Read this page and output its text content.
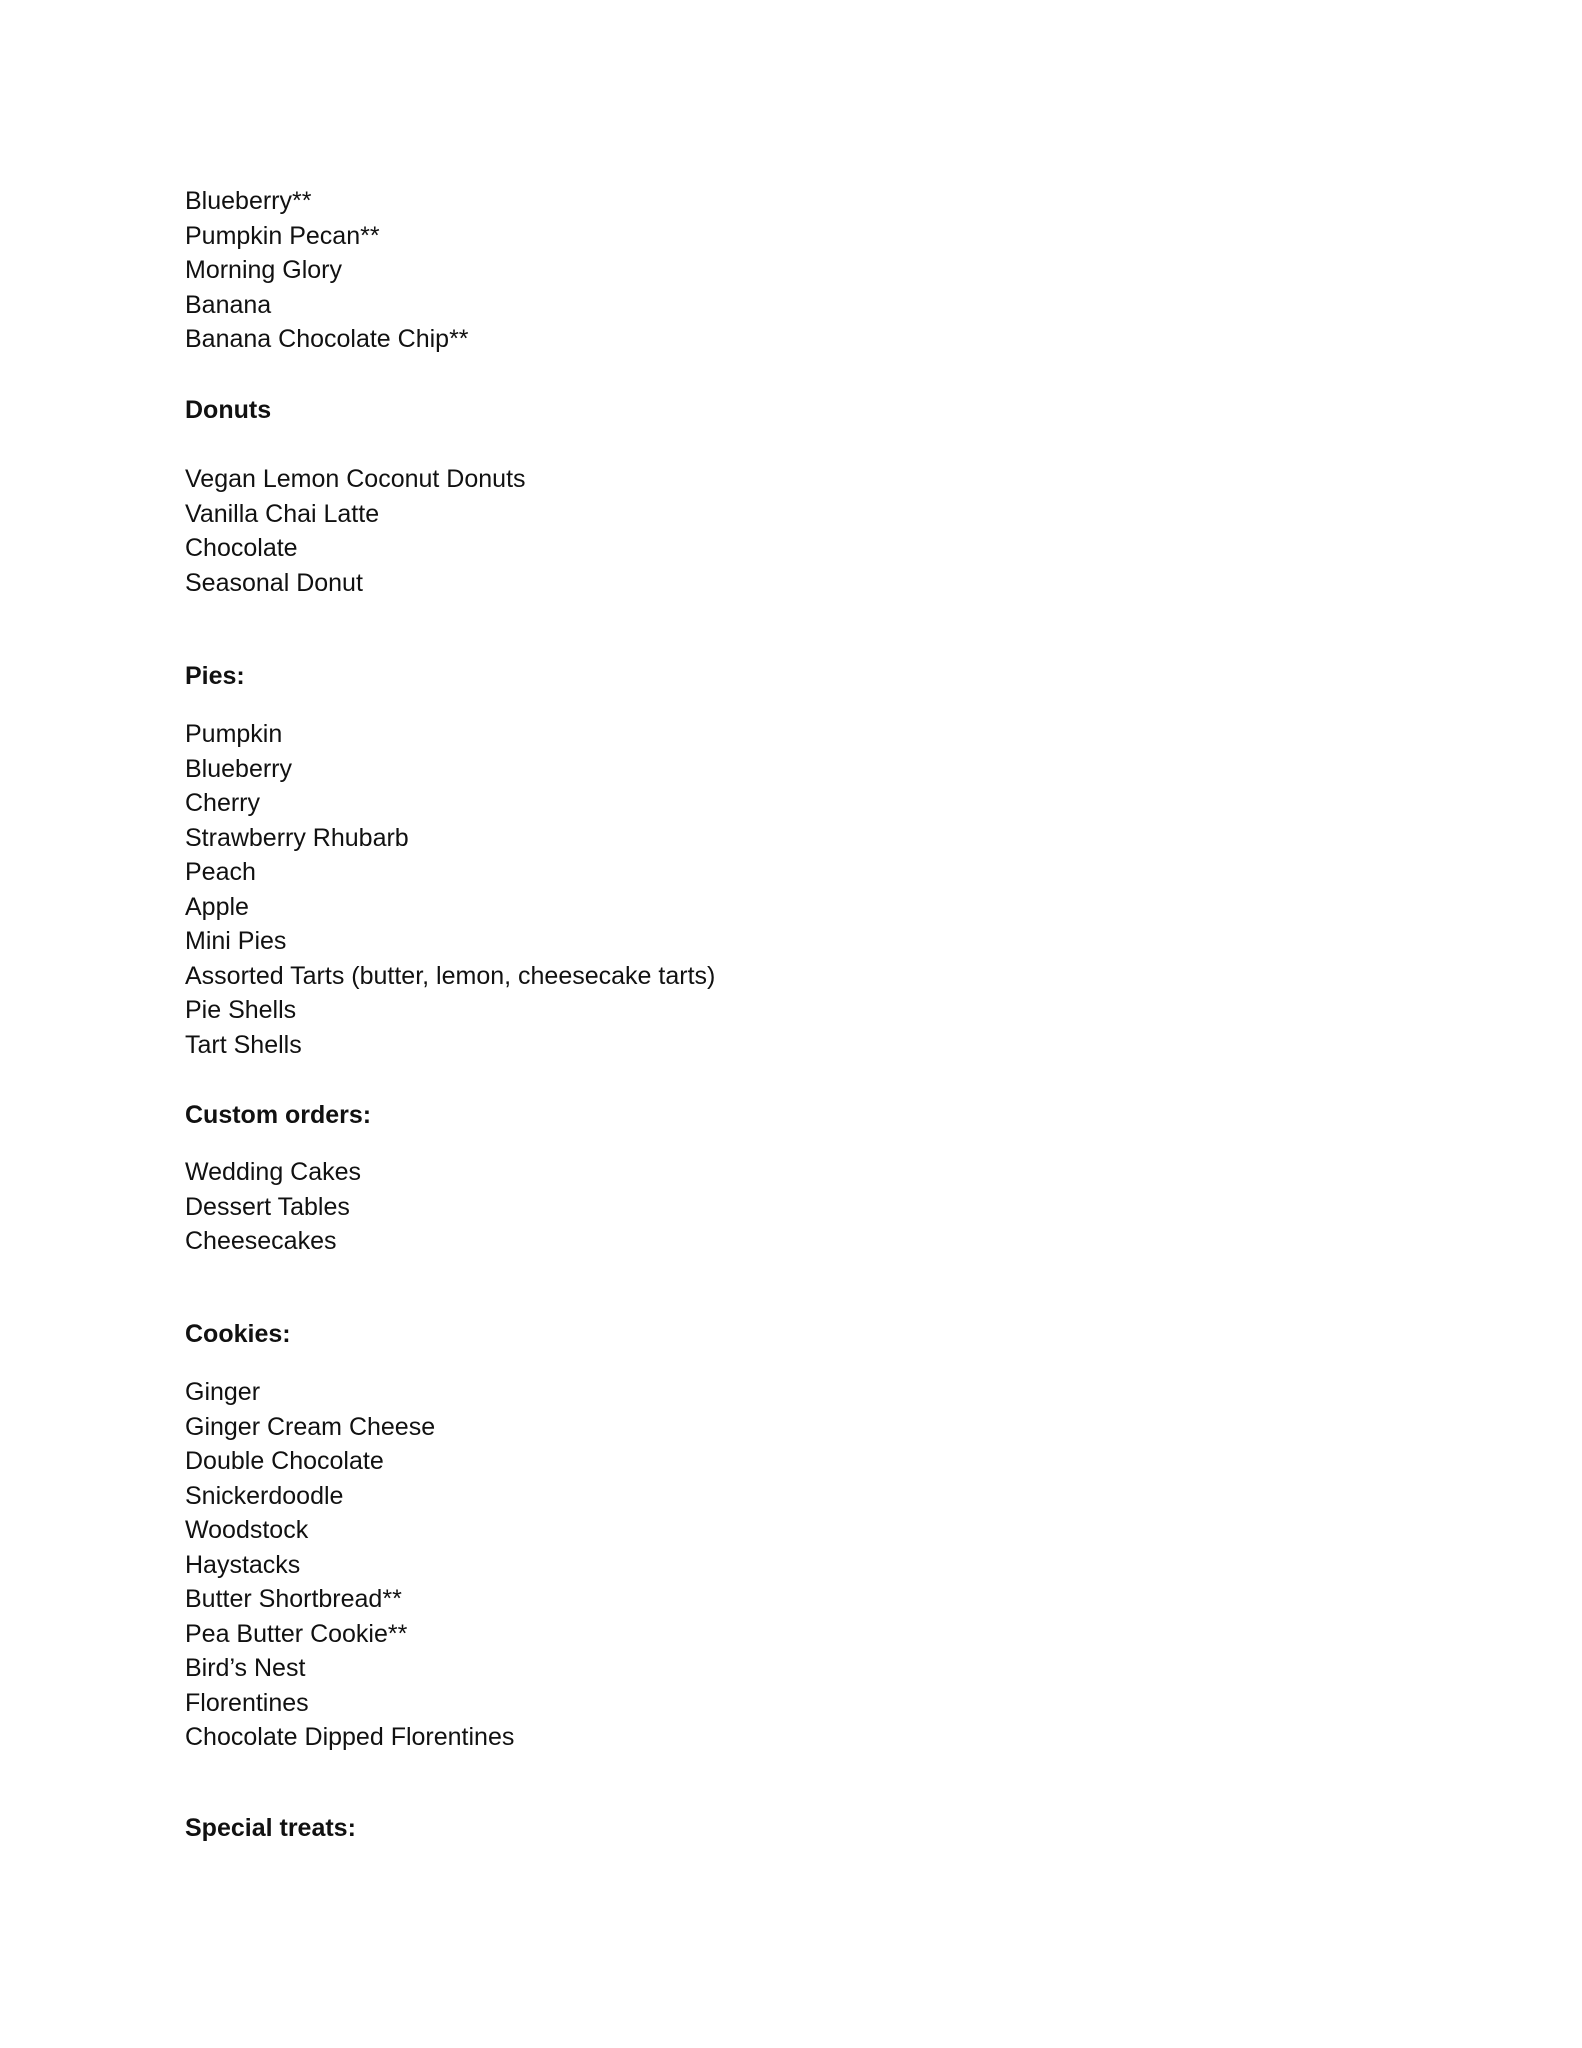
Blueberry**
Pumpkin Pecan**
Morning Glory
Banana
Banana Chocolate Chip**
Donuts
Vegan Lemon Coconut Donuts
Vanilla Chai Latte
Chocolate
Seasonal Donut
Pies:
Pumpkin
Blueberry
Cherry
Strawberry Rhubarb
Peach
Apple
Mini Pies
Assorted Tarts (butter, lemon, cheesecake tarts)
Pie Shells
Tart Shells
Custom orders:
Wedding Cakes
Dessert Tables
Cheesecakes
Cookies:
Ginger
Ginger Cream Cheese
Double Chocolate
Snickerdoodle
Woodstock
Haystacks
Butter Shortbread**
Pea Butter Cookie**
Bird’s Nest
Florentines
Chocolate Dipped Florentines
Special treats:
